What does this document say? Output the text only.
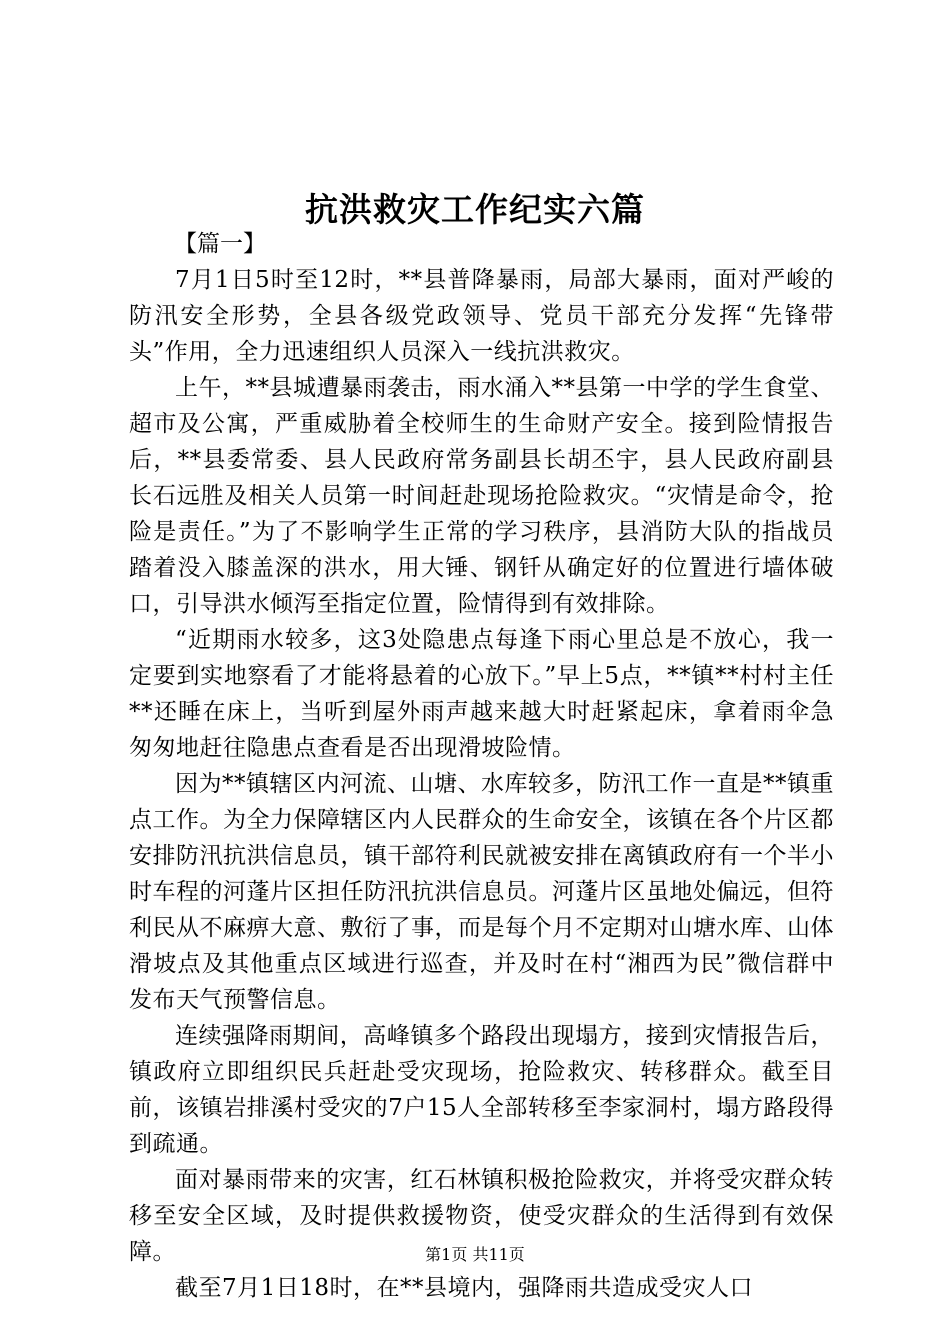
抗洪救灾工作纪实六篇

【篇一】

7月1日5时至12时，**县普降暴雨，局部大暴雨，面对严峻的防汛安全形势，全县各级党政领导、党员干部充分发挥“先锋带头”作用，全力迅速组织人员深入一线抗洪救灾。

上午，**县城遭暴雨袭击，雨水涌入**县第一中学的学生食堂、超市及公寓，严重威胁着全校师生的生命财产安全。接到险情报告后，**县委常委、县人民政府常务副县长胡丕宇，县人民政府副县长石远胜及相关人员第一时间赶赴现场抢险救灾。“灾情是命令，抢险是责任。”为了不影响学生正常的学习秩序，县消防大队的指战员踏着没入膝盖深的洪水，用大锤、钢钎从确定好的位置进行墙体破口，引导洪水倾泻至指定位置，险情得到有效排除。

“近期雨水较多，这3处隐患点每逢下雨心里总是不放心，我一定要到实地察看了才能将悬着的心放下。”早上5点，**镇**村村主任**还睡在床上，当听到屋外雨声越来越大时赶紧起床，拿着雨伞急匆匆地赶往隐患点查看是否出现滑坡险情。

因为**镇辖区内河流、山塘、水库较多，防汛工作一直是**镇重点工作。为全力保障辖区内人民群众的生命安全，该镇在各个片区都安排防汛抗洪信息员，镇干部符利民就被安排在离镇政府有一个半小时车程的河蓬片区担任防汛抗洪信息员。河蓬片区虽地处偏远，但符利民从不麻痹大意、敷衍了事，而是每个月不定期对山塘水库、山体滑坡点及其他重点区域进行巡查，并及时在村“湘西为民”微信群中发布天气预警信息。

连续强降雨期间，高峰镇多个路段出现塌方，接到灾情报告后，镇政府立即组织民兵赶赴受灾现场，抢险救灾、转移群众。截至目前，该镇岩排溪村受灾的7户15人全部转移至李家洞村，塌方路段得到疏通。

面对暴雨带来的灾害，红石林镇积极抢险救灾，并将受灾群众转移至安全区域，及时提供救援物资，使受灾群众的生活得到有效保障。

截至7月1日18时，在**县境内，强降雨共造成受灾人口

第1页 共11页
